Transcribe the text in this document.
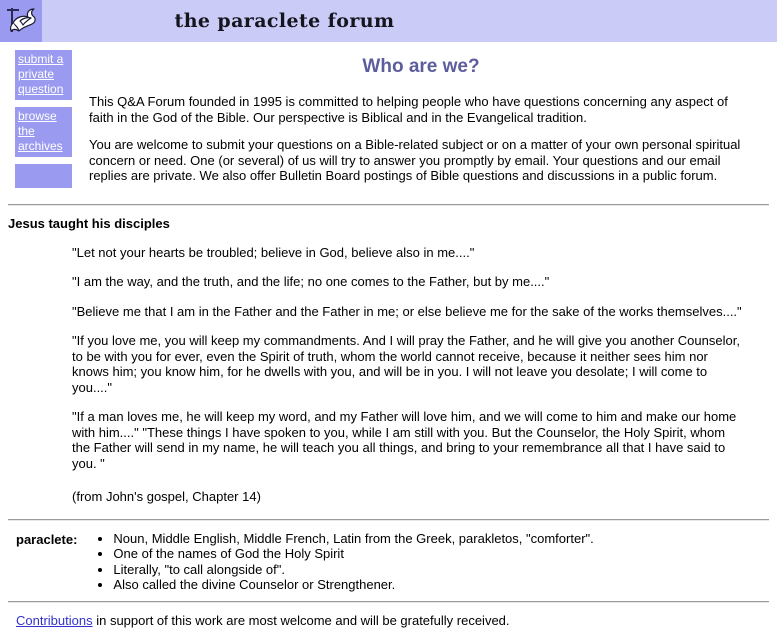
the paraclete forum
submit a private question
browse the archives
Who are we?

This Q&A Forum founded in 1995 is committed to helping people who have questions concerning any aspect of faith in the God of the Bible. Our perspective is Biblical and in the Evangelical tradition.

You are welcome to submit your questions on a Bible-related subject or on a matter of your own personal spiritual concern or need. One (or several) of us will try to answer you promptly by email. Your questions and our email replies are private. We also offer Bulletin Board postings of Bible questions and discussions in a public forum.

Jesus taught his disciples

"Let not your hearts be troubled; believe in God, believe also in me...."

"I am the way, and the truth, and the life; no one comes to the Father, but by me...."

"Believe me that I am in the Father and the Father in me; or else believe me for the sake of the works themselves...."

"If you love me, you will keep my commandments. And I will pray the Father, and he will give you another Counselor, to be with you for ever, even the Spirit of truth, whom the world cannot receive, because it neither sees him nor knows him; you know him, for he dwells with you, and will be in you. I will not leave you desolate; I will come to you...."

"If a man loves me, he will keep my word, and my Father will love him, and we will come to him and make our home with him...." "These things I have spoken to you, while I am still with you. But the Counselor, the Holy Spirit, whom the Father will send in my name, he will teach you all things, and bring to your remembrance all that I have said to you. "

(from John's gospel, Chapter 14)

paraclete:	• Noun, Middle English, Middle French, Latin from the Greek, parakletos, "comforter".
• One of the names of God the Holy Spirit
• Literally, "to call alongside of".
• Also called the divine Counselor or Strengthener.
Contributions in support of this work are most welcome and will be gratefully received.
